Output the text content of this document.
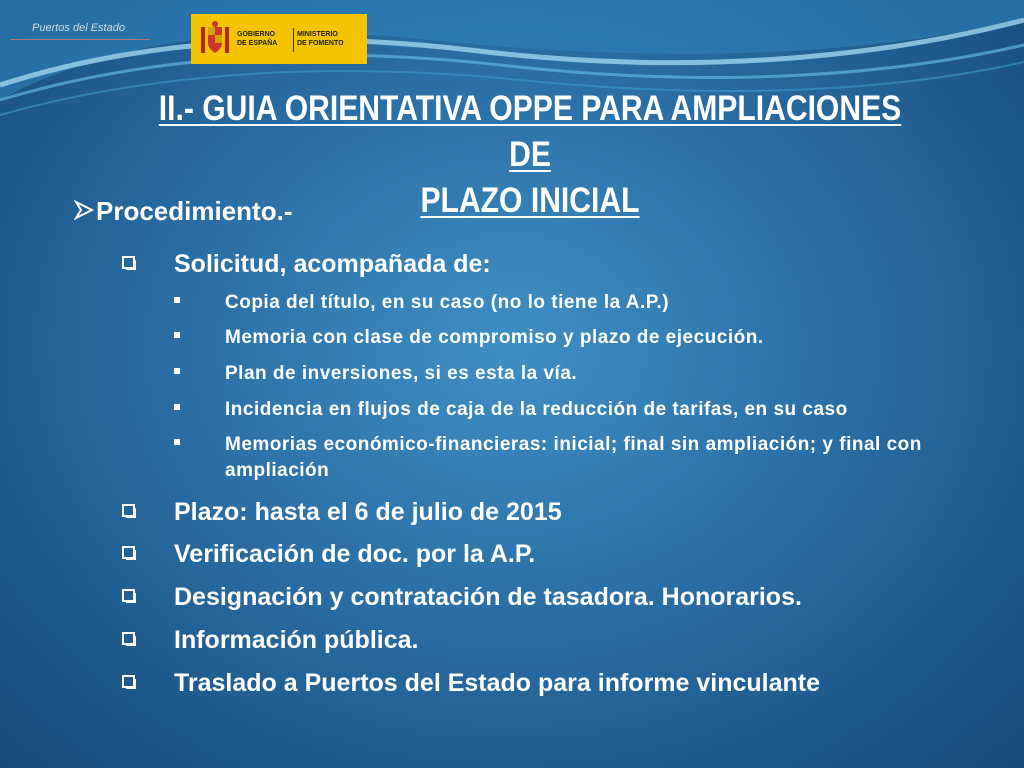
Puertos del Estado
GOBIERNO
DE ESPAÑA
MINISTERIO
DE FOMENTO
II.- GUIA ORIENTATIVA OPPE PARA AMPLIACIONES DE
PLAZO INICIAL
Procedimiento.-
Solicitud, acompañada de:
Copia del título, en su caso (no lo tiene la A.P.)
Memoria con clase de compromiso y plazo de ejecución.
Plan de inversiones, si es esta la vía.
Incidencia en flujos de caja de la reducción de tarifas, en su caso
Memorias económico-financieras: inicial; final sin ampliación; y final con ampliación
Plazo: hasta el 6 de julio de 2015
Verificación de doc. por la A.P.
Designación y contratación de tasadora. Honorarios.
Información pública.
Traslado a Puertos del Estado para informe vinculante
